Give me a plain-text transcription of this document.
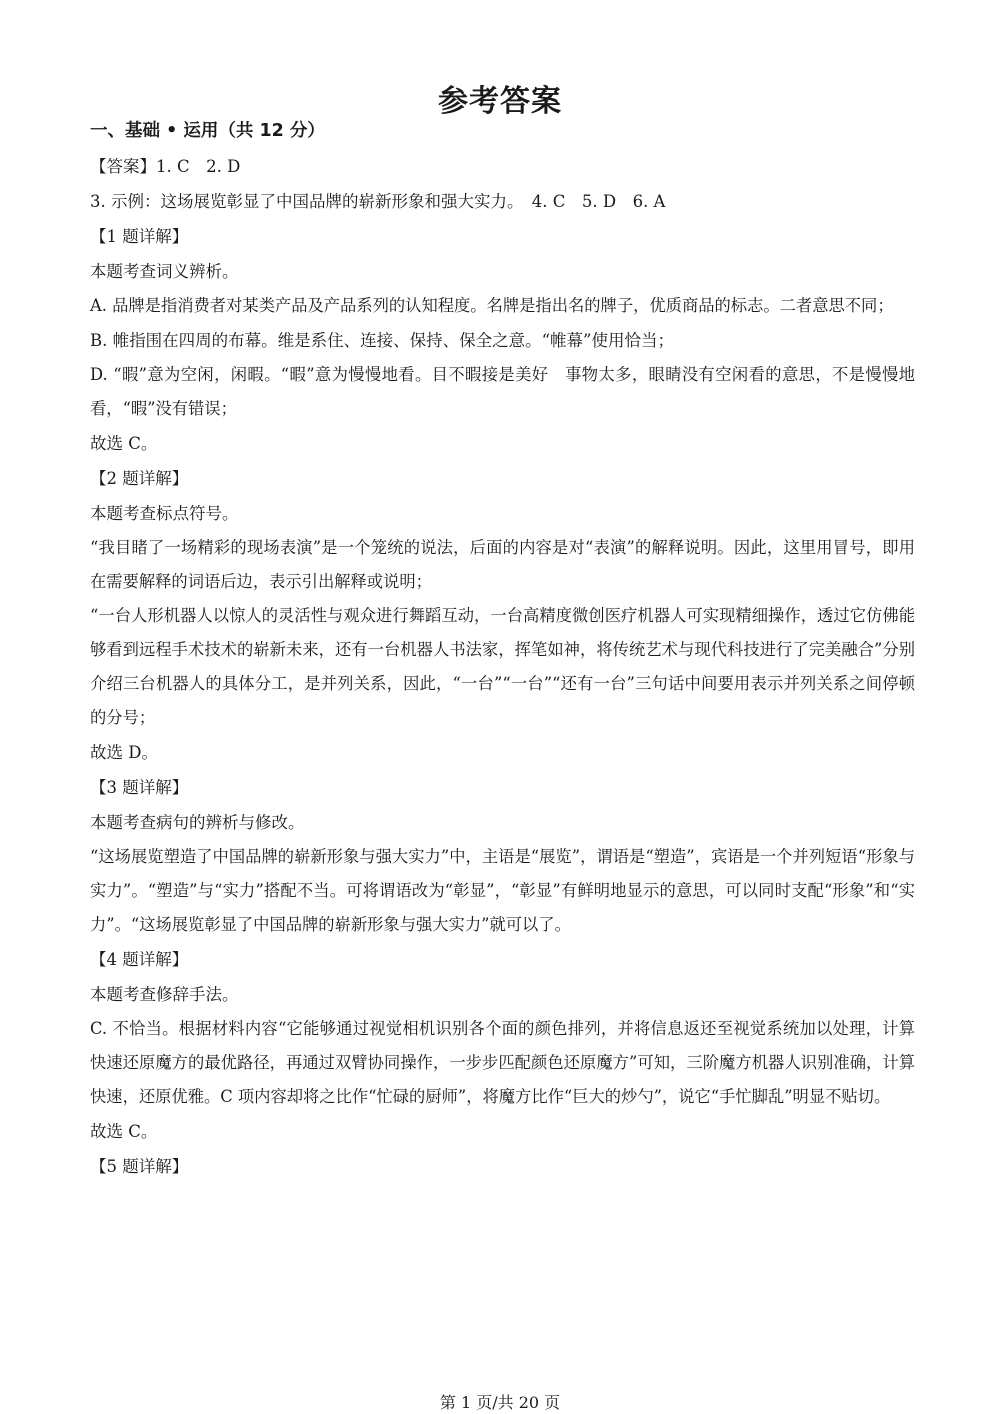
参考答案
一、基础 • 运用（共 12 分）
【答案】1. C　2. D
3. 示例：这场展览彰显了中国品牌的崭新形象和强大实力。　4. C　5. D　6. A
【1 题详解】
本题考查词义辨析。
A. 品牌是指消费者对某类产品及产品系列的认知程度。名牌是指出名的牌子，优质商品的标志。二者意思不同；
B. 帷指围在四周的布幕。维是系住、连接、保持、保全之意。“帷幕”使用恰当；
D. “暇”意为空闲，闲暇。“暇”意为慢慢地看。目不暇接是美好　事物太多，眼睛没有空闲看的意思，不是慢慢地看，“暇”没有错误；
故选 C。
【2 题详解】
本题考查标点符号。
“我目睹了一场精彩的现场表演”是一个笼统的说法，后面的内容是对“表演”的解释说明。因此，这里用冒号，即用在需要解释的词语后边，表示引出解释或说明；
“一台人形机器人以惊人的灵活性与观众进行舞蹈互动，一台高精度微创医疗机器人可实现精细操作，透过它仿佛能够看到远程手术技术的崭新未来，还有一台机器人书法家，挥笔如神，将传统艺术与现代科技进行了完美融合”分别介绍三台机器人的具体分工，是并列关系，因此，“一台”“一台”“还有一台”三句话中间要用表示并列关系之间停顿的分号；
故选 D。
【3 题详解】
本题考查病句的辨析与修改。
“这场展览塑造了中国品牌的崭新形象与强大实力”中，主语是“展览”，谓语是“塑造”，宾语是一个并列短语“形象与实力”。“塑造”与“实力”搭配不当。可将谓语改为“彰显”，“彰显”有鲜明地显示的意思，可以同时支配“形象”和“实力”。“这场展览彰显了中国品牌的崭新形象与强大实力”就可以了。
【4 题详解】
本题考查修辞手法。
C. 不恰当。根据材料内容“它能够通过视觉相机识别各个面的颜色排列，并将信息返还至视觉系统加以处理，计算快速还原魔方的最优路径，再通过双臂协同操作，一步步匹配颜色还原魔方”可知，三阶魔方机器人识别准确，计算快速，还原优雅。C 项内容却将之比作“忙碌的厨师”，将魔方比作“巨大的炒勺”，说它“手忙脚乱”明显不贴切。
故选 C。
【5 题详解】
第 1 页/共 20 页
